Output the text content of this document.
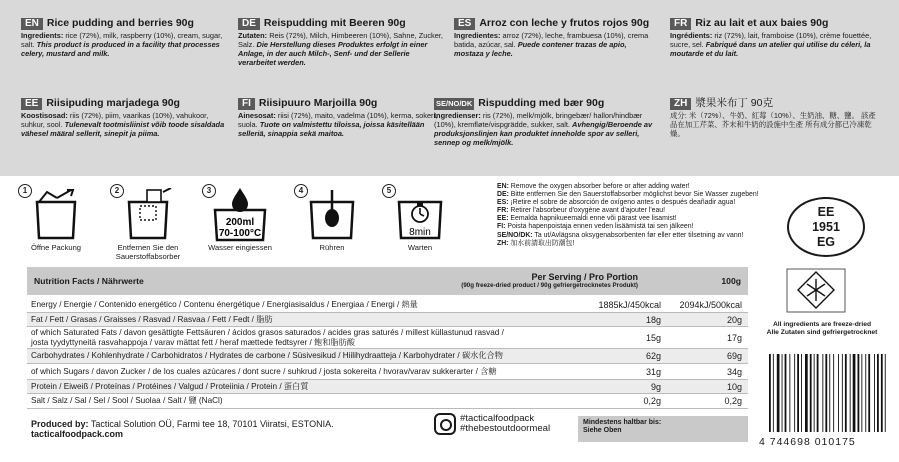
EN Rice pudding and berries 90g
Ingredients: rice (72%), milk, raspberry (10%), cream, sugar, salt. This product is produced in a facility that processes celery, mustard and milk.
DE Reispudding mit Beeren 90g
Zutaten: Reis (72%), Milch, Himbeeren (10%), Sahne, Zucker, Salz. Die Herstellung dieses Produktes erfolgt in einer Anlage, in der auch Milch-, Senf- und der Sellerie verarbeitet werden.
ES Arroz con leche y frutos rojos 90g
Ingredientes: arroz (72%), leche, frambuesa (10%), crema batida, azúcar, sal. Puede contener trazas de apio, mostaza y leche.
FR Riz au lait et aux baies 90g
Ingrédients: riz (72%), lait, framboise (10%), crème fouettée, sucre, sel. Fabriqué dans un atelier qui utilise du céleri, la moutarde et du lait.
EE Riisipuding marjadega 90g
Koostisosad: riis (72%), piim, vaarikas (10%), vahukoor, suhkur, sool. Tulenevalt tootmisliinist võib toode sisaldada vähesel määral sellerit, sinepit ja piima.
FI Riisipuuro Marjoilla 90g
Ainesosat: riisi (72%), maito, vadelma (10%), kerma, sokeri, suola. Tuote on valmistettu tiloissa, joissa käsitellään selleriä, sinappia sekä maitoa.
SE/NO/DK Rispudding med bær 90g
Ingredienser: ris (72%), melk/mjölk, bringebær/ hallon/hindbær (10%), kremfløte/vispgrädde, sukker, salt. Avhengig/Beroende av produksjonslinjen kan produktet inneholde spor av selleri, sennep og melk/mjölk.
ZH 漿果米布丁 90克
成分: 米（72%）、牛奶、紅莓（10%）、生奶油、糖、鹽。 該產品在加工芹菜、芥末和牛奶的設施中生產 所有成分都已冷凍乾燥。
1
Öffne Packung
2
Entfernen Sie den Sauerstoffabsorber
3
200ml
70-100°C
Wasser eingiessen
4
Rühren
5
8min
Warten
EN: Remove the oxygen absorber before or after adding water!
DE: Bitte entfernen Sie den Sauerstoffabsorber möglichst bevor Sie Wasser zugeben!
ES: ¡Retire el sobre de absorción de oxígeno antes o después deañadir agua!
FR: Retirer l'absorbeur d'oxygène avant d'ajouter l'eau!
EE: Eemalda hapnikueemaldi enne või pärast vee lisamist!
FI: Poista hapenpoistaja ennen veden lisäämistä tai sen jälkeen!
SE/NO/DK: Ta ut/Avlägsna oksygenabsorbenten før eller etter tilsetning av vann!
ZH: 加水前請取出防潮包!
EE
1951
EG
Nutrition Facts / Nährwerte	Per Serving / Pro Portion
(90g freeze-dried product / 90g gefriergetrocknetes Produkt)	100g
Energy / Energie / Contenido energético / Contenu énergétique / Energiasisaldus / Energiaa / Energi / 熱量	1885kJ/450kcal	2094kJ/500kcal
Fat / Fett / Grasas / Graisses / Rasvad / Rasvaa / Fett / Fedt / 脂肪	18g	20g
of which Saturated Fats / davon gesättigte Fettsäuren / ácidos grasos saturados / acides gras saturés / millest küllastunud rasvad / josta tyydyttyneitä rasvahappoja / varav mättat fett / heraf mættede fedtsyrer / 飽和脂肪酸	15g	17g
Carbohydrates / Kohlenhydrate / Carbohidratos / Hydrates de carbone / Süsivesikud / Hiilihydraatteja / Karbohydrater / 碳水化合物	62g	69g
of which Sugars / davon Zucker / de los cuales azúcares / dont sucre / suhkrud / josta sokereita / hvorav/varav sukkerarter / 含糖	31g	34g
Protein / Eiweiß / Proteínas / Protéines / Valgud / Proteiinia / Protein / 蛋白質	9g	10g
Salt / Salz / Sal / Sel / Sool / Suolaa / Salt / 鹽 (NaCl)	0,2g	0,2g
Produced by: Tactical Solution OÜ, Farmi tee 18, 70101 Viiratsi, ESTONIA.
tacticalfoodpack.com
#tacticalfoodpack
#thebestoutdoormeal
Mindestens haltbar bis:
Siehe Oben
All ingredients are freeze-dried
Alle Zutaten sind gefriergetrocknet
4 744698 010175
